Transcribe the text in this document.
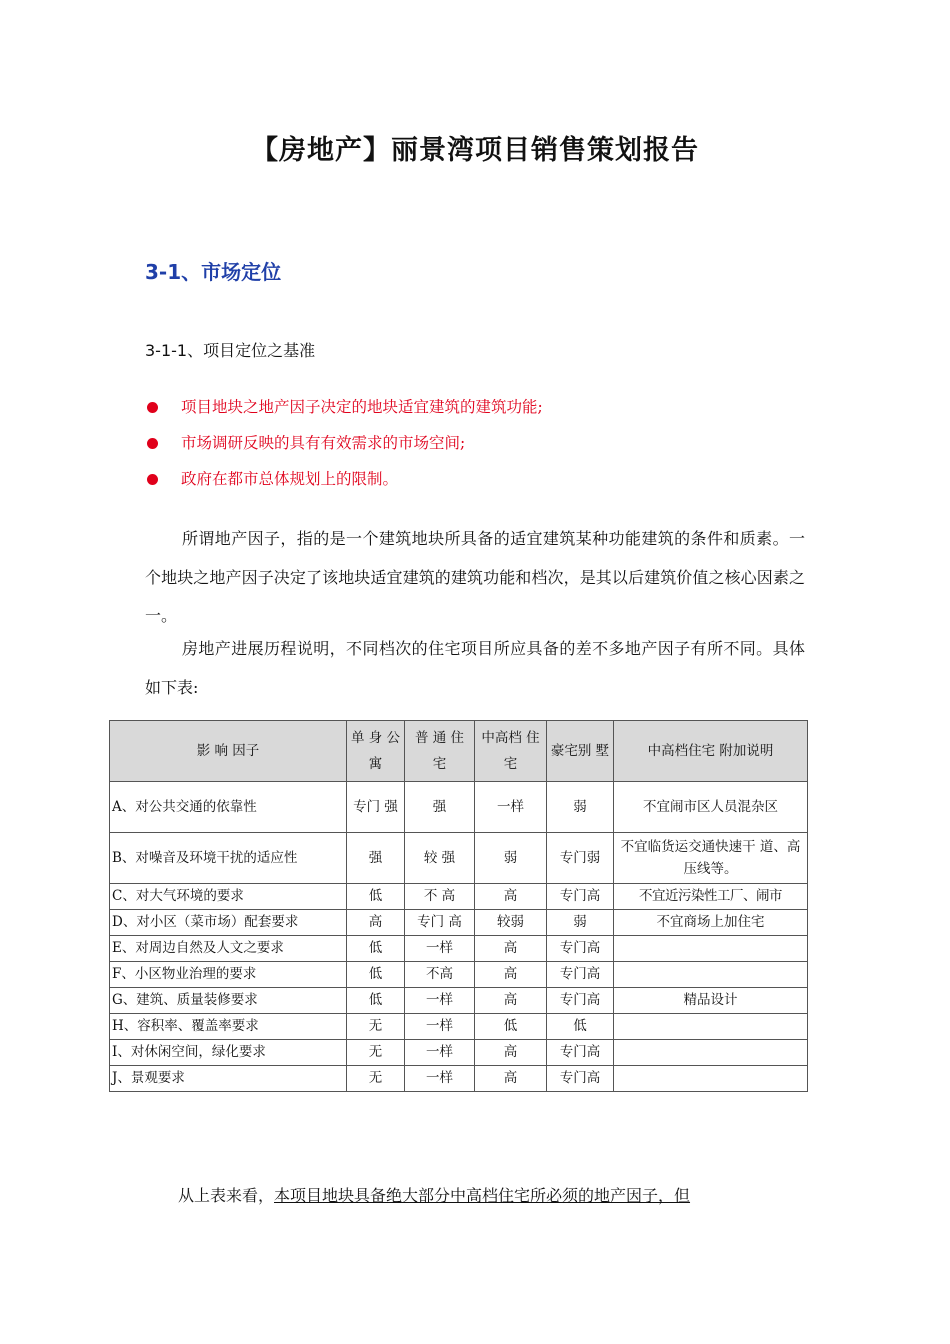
【房地产】丽景湾项目销售策划报告
3-1、市场定位
3-1-1、项目定位之基准
项目地块之地产因子决定的地块适宜建筑的建筑功能;
市场调研反映的具有有效需求的市场空间;
政府在都市总体规划上的限制。

所谓地产因子，指的是一个建筑地块所具备的适宜建筑某种功能建筑的条件和质素。一个地块之地产因子决定了该地块适宜建筑的建筑功能和档次，是其以后建筑价值之核心因素之一。

房地产进展历程说明，不同档次的住宅项目所应具备的差不多地产因子有所不同。具体如下表:

影 响 因子	单 身 公 寓	普 通 住 宅	中高档 住宅	豪宅别 墅	中高档住宅 附加说明
A、对公共交通的依靠性	专门 强	强	一样	弱	不宜闹市区人员混杂区
B、对噪音及环境干扰的适应性	强	较 强	弱	专门弱	不宜临货运交通快速干 道、高压线等。
C、对大气环境的要求	低	不 高	高	专门高	不宜近污染性工厂、闹市
D、对小区（菜市场）配套要求	高	专门 高	较弱	弱	不宜商场上加住宅
E、对周边自然及人文之要求	低	一样	高	专门高	
F、小区物业治理的要求	低	不高	高	专门高	
G、建筑、质量装修要求	低	一样	高	专门高	精品设计
H、容积率、覆盖率要求	无	一样	低	低	
I、对休闲空间，绿化要求	无	一样	高	专门高	
J、景观要求	无	一样	高	专门高	

从上表来看，本项目地块具备绝大部分中高档住宅所必须的地产因子，但
